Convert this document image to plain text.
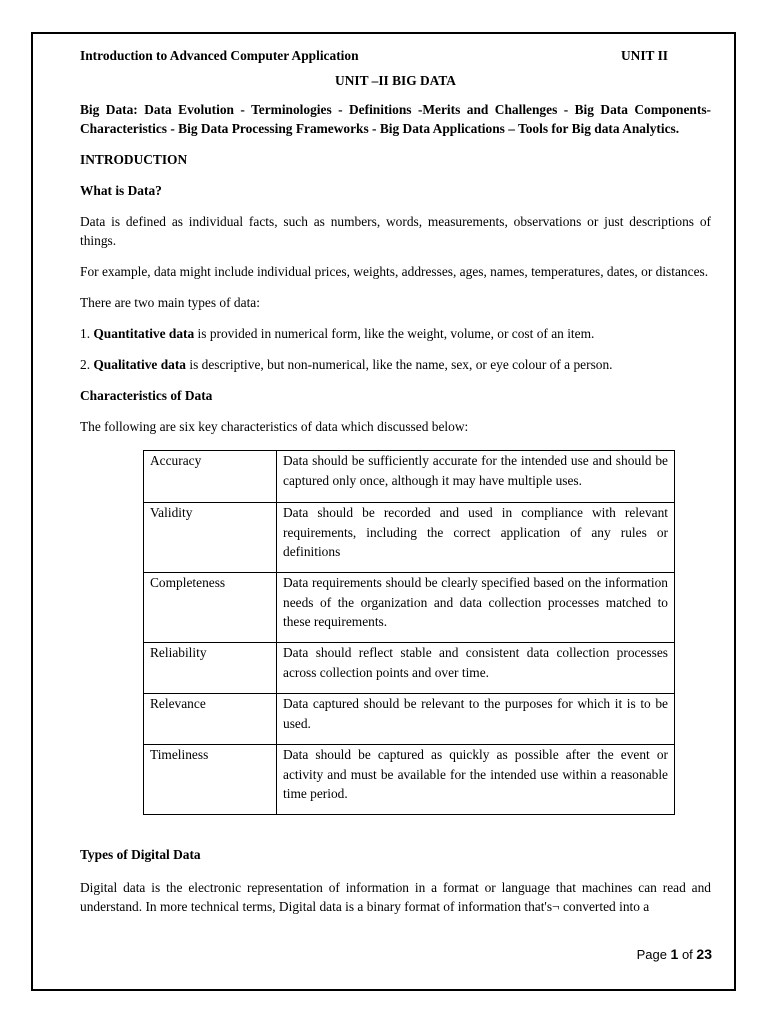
Introduction to Advanced Computer Application	UNIT II
UNIT –II BIG DATA
Big Data: Data Evolution - Terminologies - Definitions -Merits and Challenges - Big Data Components- Characteristics - Big Data Processing Frameworks - Big Data Applications – Tools for Big data Analytics.
INTRODUCTION
What is Data?

Data is defined as individual facts, such as numbers, words, measurements, observations or just descriptions of things.

For example, data might include individual prices, weights, addresses, ages, names, temperatures, dates, or distances.

There are two main types of data:

1. Quantitative data is provided in numerical form, like the weight, volume, or cost of an item.

2. Qualitative data is descriptive, but non-numerical, like the name, sex, or eye colour of a person.

Characteristics of Data

The following are six key characteristics of data which discussed below:

Accuracy	Data should be sufficiently accurate for the intended use and should be captured only once, although it may have multiple uses.
Validity	Data should be recorded and used in compliance with relevant requirements, including the correct application of any rules or definitions
Completeness	Data requirements should be clearly specified based on the information needs of the organization and data collection processes matched to these requirements.
Reliability	Data should reflect stable and consistent data collection processes across collection points and over time.
Relevance	Data captured should be relevant to the purposes for which it is to be used.
Timeliness	Data should be captured as quickly as possible after the event or activity and must be available for the intended use within a reasonable time period.
Types of Digital Data

Digital data is the electronic representation of information in a format or language that machines can read and understand. In more technical terms, Digital data is a binary format of information that's¬ converted into a

Page 1 of 23
